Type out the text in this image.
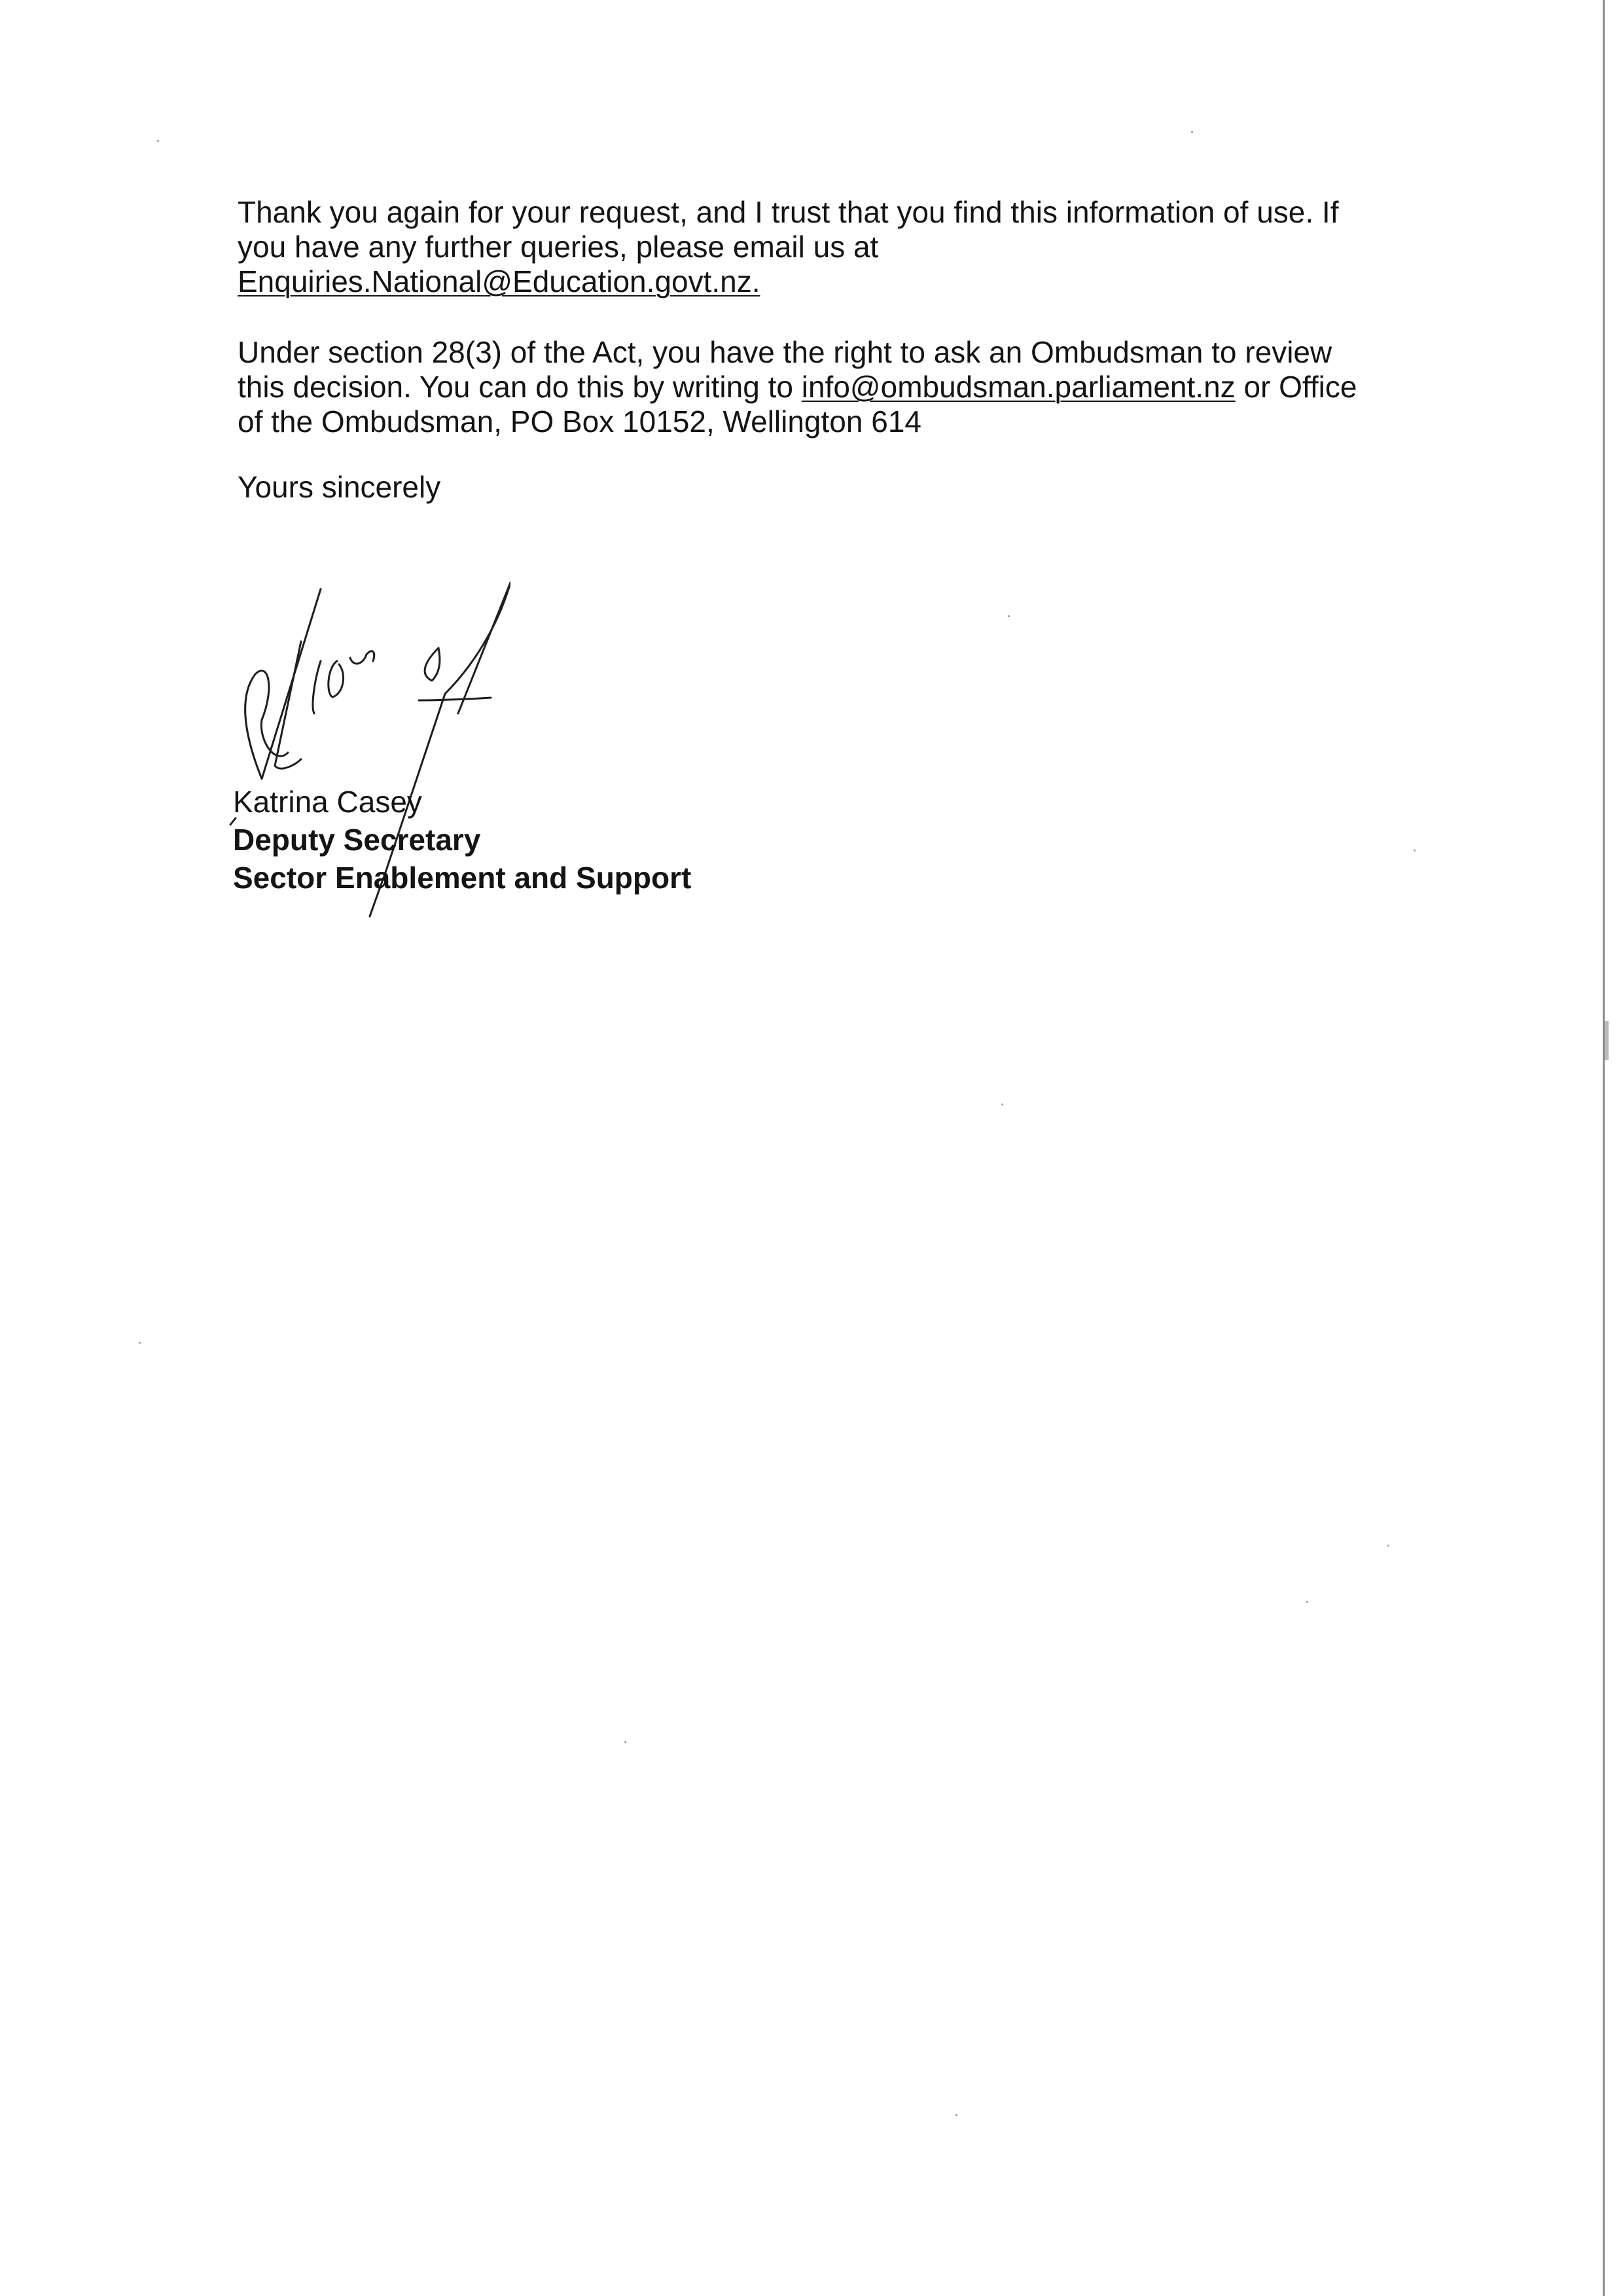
Thank you again for your request, and I trust that you find this information of use. If
you have any further queries, please email us at
Enquiries.National@Education.govt.nz.

Under section 28(3) of the Act, you have the right to ask an Ombudsman to review
this decision. You can do this by writing to info@ombudsman.parliament.nz or Office
of the Ombudsman, PO Box 10152, Wellington 614

Yours sincerely

Katrina Casey
Deputy Secretary
Sector Enablement and Support
